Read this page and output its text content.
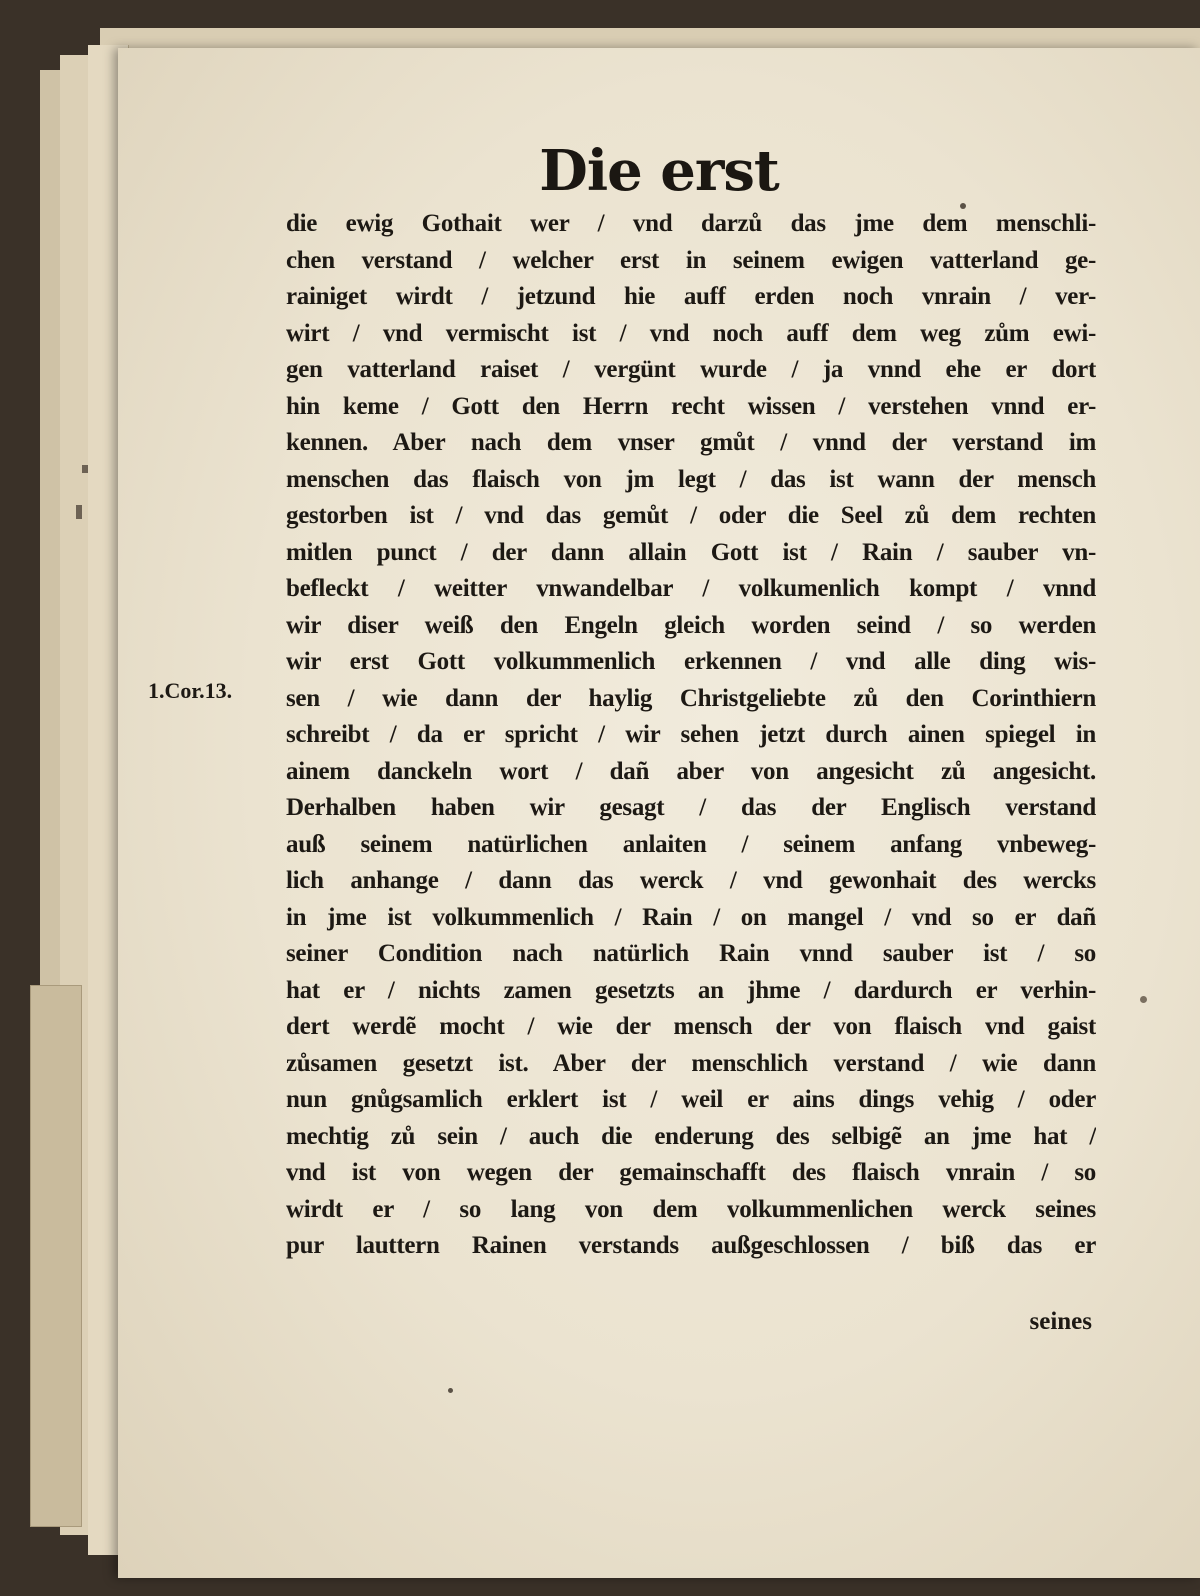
Die erst
1.Cor.13.
die ewig Gothait wer / vnd darzů das jme dem menschli-
chen verstand / welcher erst in seinem ewigen vatterland ge-
rainiget wirdt / jetzund hie auff erden noch vnrain / ver-
wirt / vnd vermischt ist / vnd noch auff dem weg zům ewi-
gen vatterland raiset / vergünt wurde / ja vnnd ehe er dort
hin keme / Gott den Herrn recht wissen / verstehen vnnd er-
kennen. Aber nach dem vnser gmůt / vnnd der verstand im
menschen das flaisch von jm legt / das ist wann der mensch
gestorben ist / vnd das gemůt / oder die Seel zů dem rechten
mitlen punct / der dann allain Gott ist / Rain / sauber vn-
befleckt / weitter vnwandelbar / volkumenlich kompt / vnnd
wir diser weiß den Engeln gleich worden seind / so werden
wir erst Gott volkummenlich erkennen / vnd alle ding wis-
sen / wie dann der haylig Christgeliebte zů den Corinthiern
schreibt / da er spricht / wir sehen jetzt durch ainen spiegel in
ainem danckeln wort / dañ aber von angesicht zů angesicht.
Derhalben haben wir gesagt / das der Englisch verstand
auß seinem natürlichen anlaiten / seinem anfang vnbeweg-
lich anhange / dann das werck / vnd gewonhait des wercks
in jme ist volkummenlich / Rain / on mangel / vnd so er dañ
seiner Condition nach natürlich Rain vnnd sauber ist / so
hat er / nichts zamen gesetzts an jhme / dardurch er verhin-
dert werdẽ mocht / wie der mensch der von flaisch vnd gaist
zůsamen gesetzt ist. Aber der menschlich verstand / wie dann
nun gnůgsamlich erklert ist / weil er ains dings vehig / oder
mechtig zů sein / auch die enderung des selbigẽ an jme hat /
vnd ist von wegen der gemainschafft des flaisch vnrain / so
wirdt er / so lang von dem volkummenlichen werck seines
pur lauttern Rainen verstands außgeschlossen / biß das er
seines
